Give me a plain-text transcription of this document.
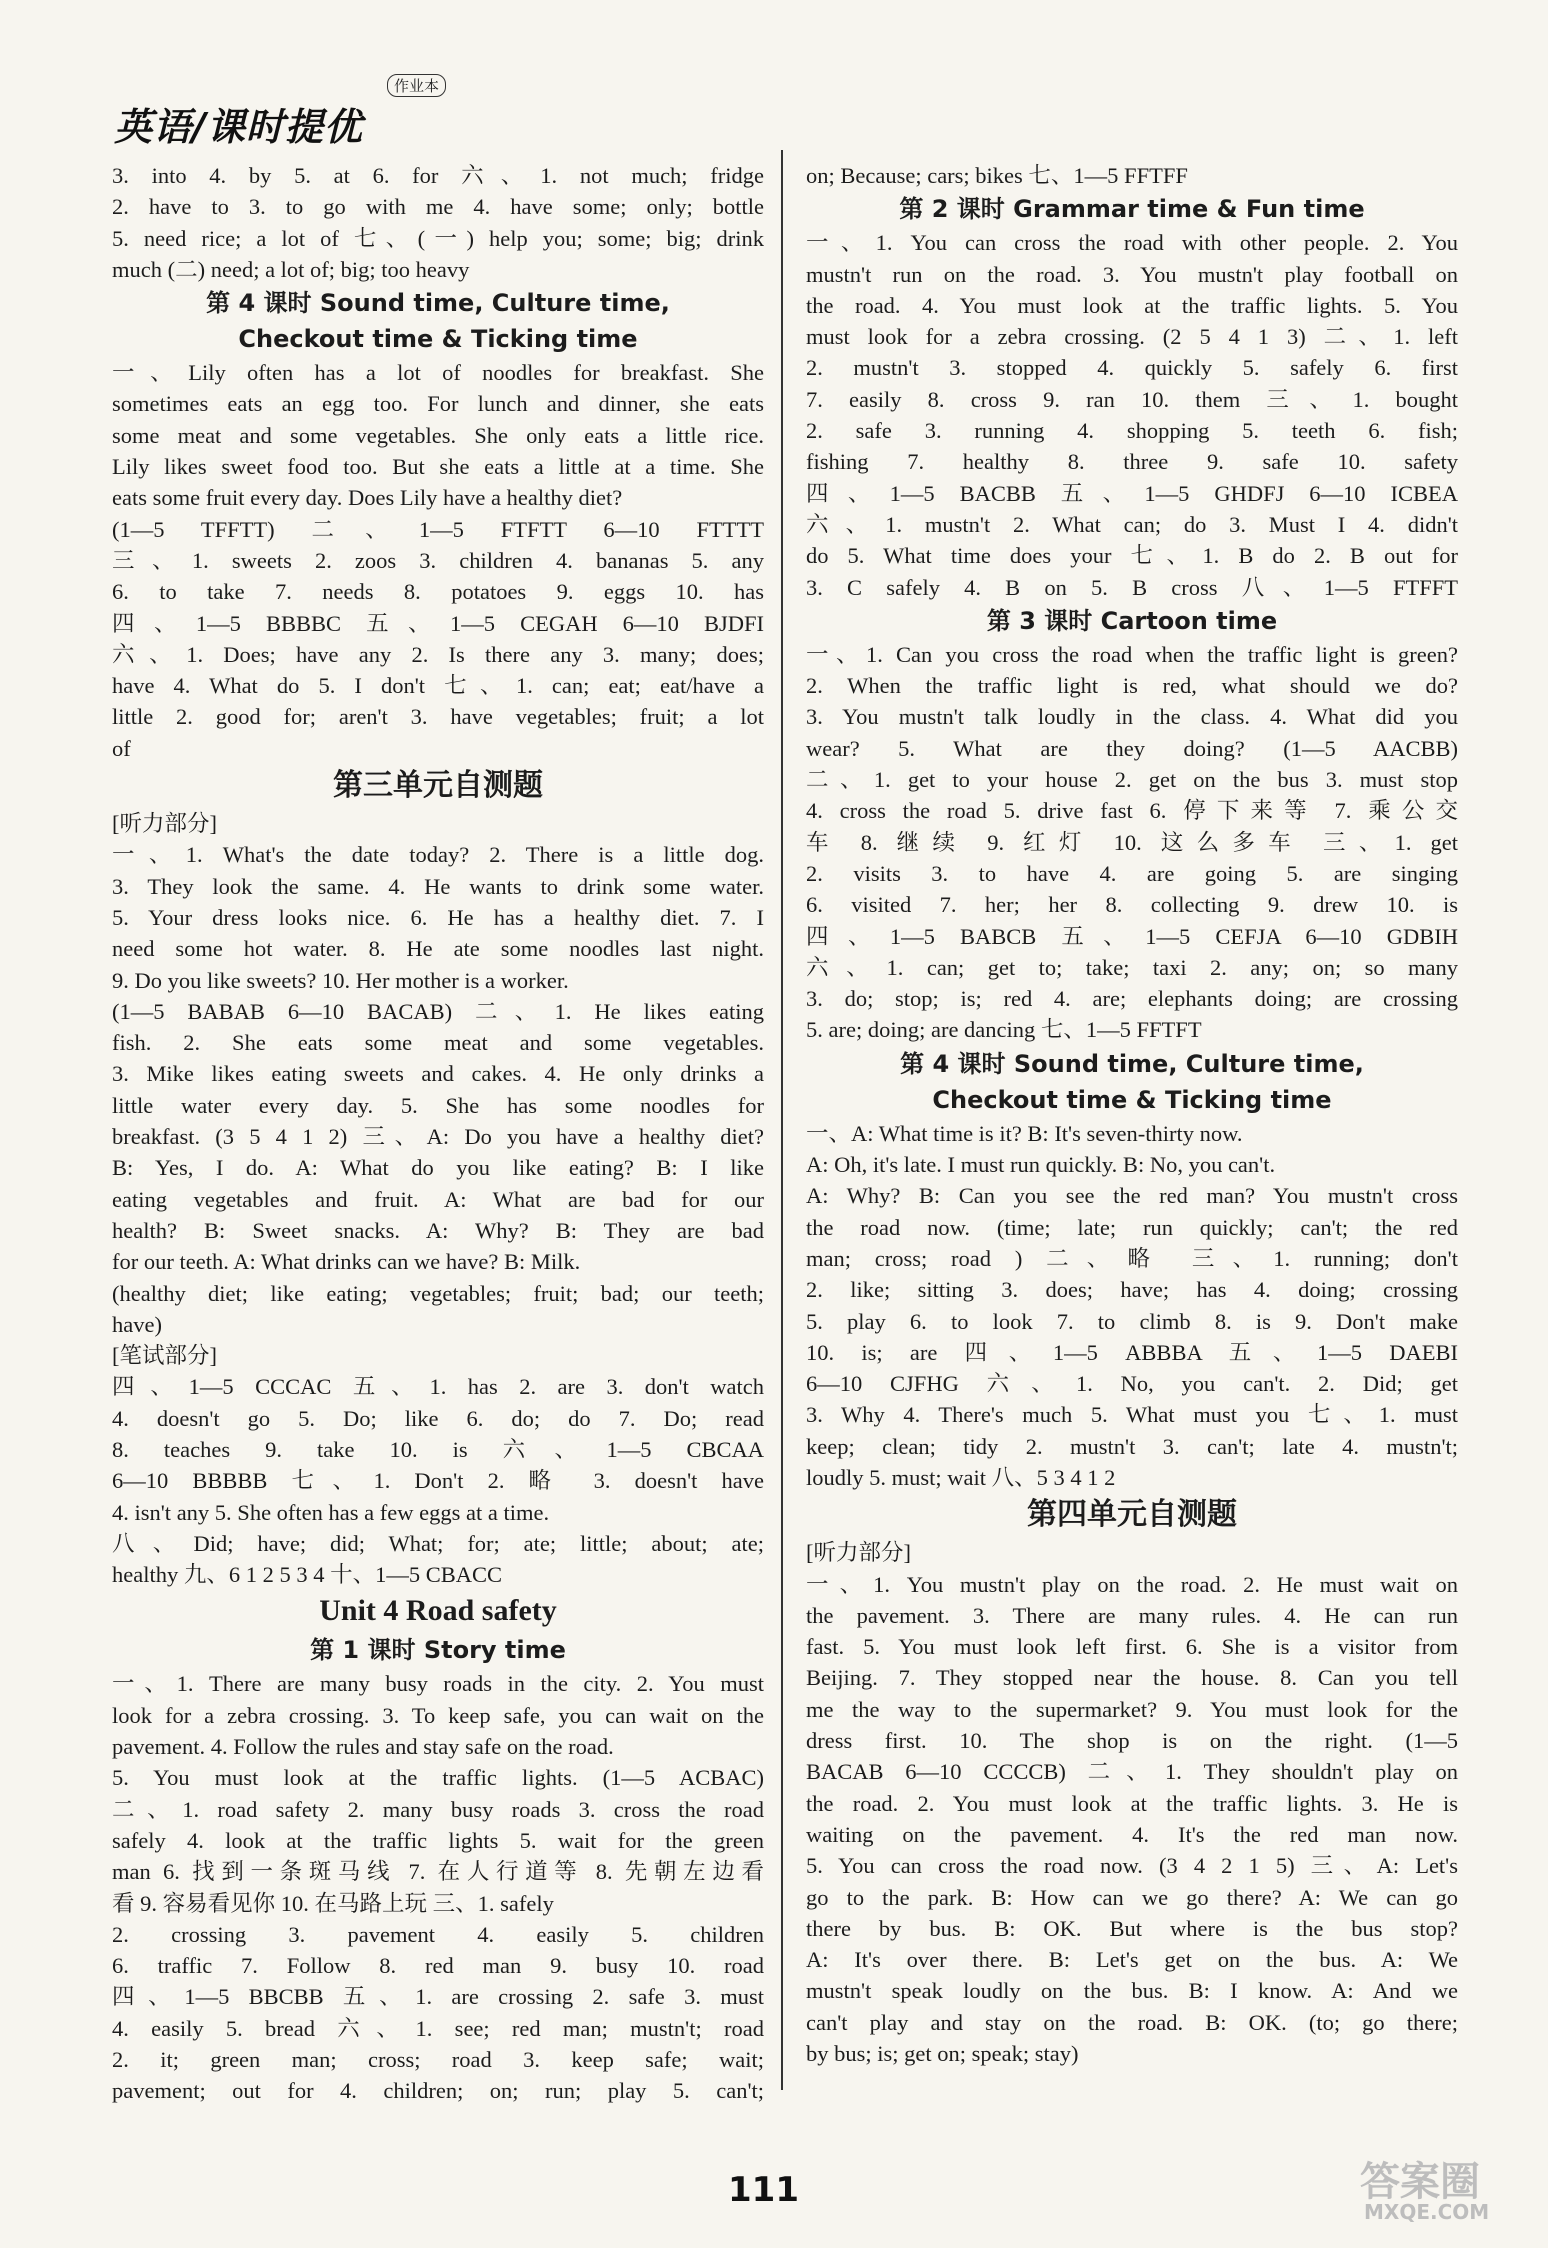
英语/课时提优
作业本
3. into 4. by 5. at 6. for 六、1. not much; fridge
2. have to 3. to go with me 4. have some; only; bottle
5. need rice; a lot of 七、(一) help you; some; big; drink
much (二) need; a lot of; big; too heavy
第 4 课时 Sound time, Culture time,
Checkout time & Ticking time
一、Lily often has a lot of noodles for breakfast. She
sometimes eats an egg too. For lunch and dinner, she eats
some meat and some vegetables. She only eats a little rice.
Lily likes sweet food too. But she eats a little at a time. She
eats some fruit every day. Does Lily have a healthy diet?
(1—5 TFFTT) 二、1—5 FTFTT 6—10 FTTTT
三、1. sweets 2. zoos 3. children 4. bananas 5. any
6. to take 7. needs 8. potatoes 9. eggs 10. has
四、1—5 BBBBC 五、1—5 CEGAH 6—10 BJDFI
六、1. Does; have any 2. Is there any 3. many; does;
have 4. What do 5. I don't 七、1. can; eat; eat/have a
little 2. good for; aren't 3. have vegetables; fruit; a lot
of
第三单元自测题
[听力部分]
一、1. What's the date today? 2. There is a little dog.
3. They look the same. 4. He wants to drink some water.
5. Your dress looks nice. 6. He has a healthy diet. 7. I
need some hot water. 8. He ate some noodles last night.
9. Do you like sweets? 10. Her mother is a worker.
(1—5 BABAB 6—10 BACAB) 二、1. He likes eating
fish. 2. She eats some meat and some vegetables.
3. Mike likes eating sweets and cakes. 4. He only drinks a
little water every day. 5. She has some noodles for
breakfast. (3 5 4 1 2) 三、A: Do you have a healthy diet?
B: Yes, I do. A: What do you like eating? B: I like
eating vegetables and fruit. A: What are bad for our
health? B: Sweet snacks. A: Why? B: They are bad
for our teeth. A: What drinks can we have? B: Milk.
(healthy diet; like eating; vegetables; fruit; bad; our teeth;
have)
[笔试部分]
四、1—5 CCCAC 五、1. has 2. are 3. don't watch
4. doesn't go 5. Do; like 6. do; do 7. Do; read
8. teaches 9. take 10. is 六、1—5 CBCAA
6—10 BBBBB 七、1. Don't 2. 略 3. doesn't have
4. isn't any 5. She often has a few eggs at a time.
八、Did; have; did; What; for; ate; little; about; ate;
healthy 九、6 1 2 5 3 4 十、1—5 CBACC
Unit 4 Road safety
第 1 课时 Story time
一、1. There are many busy roads in the city. 2. You must
look for a zebra crossing. 3. To keep safe, you can wait on the
pavement. 4. Follow the rules and stay safe on the road.
5. You must look at the traffic lights. (1—5 ACBAC)
二、1. road safety 2. many busy roads 3. cross the road
safely 4. look at the traffic lights 5. wait for the green
man 6. 找到一条斑马线 7. 在人行道等 8. 先朝左边看
看 9. 容易看见你 10. 在马路上玩 三、1. safely
2. crossing 3. pavement 4. easily 5. children
6. traffic 7. Follow 8. red man 9. busy 10. road
四、1—5 BBCBB 五、1. are crossing 2. safe 3. must
4. easily 5. bread 六、1. see; red man; mustn't; road
2. it; green man; cross; road 3. keep safe; wait;
pavement; out for 4. children; on; run; play 5. can't;
on; Because; cars; bikes 七、1—5 FFTFF
第 2 课时 Grammar time & Fun time
一、1. You can cross the road with other people. 2. You
mustn't run on the road. 3. You mustn't play football on
the road. 4. You must look at the traffic lights. 5. You
must look for a zebra crossing. (2 5 4 1 3) 二、1. left
2. mustn't 3. stopped 4. quickly 5. safely 6. first
7. easily 8. cross 9. ran 10. them 三、1. bought
2. safe 3. running 4. shopping 5. teeth 6. fish;
fishing 7. healthy 8. three 9. safe 10. safety
四、1—5 BACBB 五、1—5 GHDFJ 6—10 ICBEA
六、1. mustn't 2. What can; do 3. Must I 4. didn't
do 5. What time does your 七、1. B do 2. B out for
3. C safely 4. B on 5. B cross 八、1—5 FTFFT
第 3 课时 Cartoon time
一、1. Can you cross the road when the traffic light is green?
2. When the traffic light is red, what should we do?
3. You mustn't talk loudly in the class. 4. What did you
wear? 5. What are they doing? (1—5 AACBB)
二、1. get to your house 2. get on the bus 3. must stop
4. cross the road 5. drive fast 6. 停下来等 7. 乘公交
车 8. 继续 9. 红灯 10. 这么多车 三、1. get
2. visits 3. to have 4. are going 5. are singing
6. visited 7. her; her 8. collecting 9. drew 10. is
四、1—5 BABCB 五、1—5 CEFJA 6—10 GDBIH
六、1. can; get to; take; taxi 2. any; on; so many
3. do; stop; is; red 4. are; elephants doing; are crossing
5. are; doing; are dancing 七、1—5 FFTFT
第 4 课时 Sound time, Culture time,
Checkout time & Ticking time
一、A: What time is it? B: It's seven-thirty now.
A: Oh, it's late. I must run quickly. B: No, you can't.
A: Why? B: Can you see the red man? You mustn't cross
the road now. (time; late; run quickly; can't; the red
man; cross; road ) 二、略 三、1. running; don't
2. like; sitting 3. does; have; has 4. doing; crossing
5. play 6. to look 7. to climb 8. is 9. Don't make
10. is; are 四、1—5 ABBBA 五、1—5 DAEBI
6—10 CJFHG 六、1. No, you can't. 2. Did; get
3. Why 4. There's much 5. What must you 七、1. must
keep; clean; tidy 2. mustn't 3. can't; late 4. mustn't;
loudly 5. must; wait 八、5 3 4 1 2
第四单元自测题
[听力部分]
一、1. You mustn't play on the road. 2. He must wait on
the pavement. 3. There are many rules. 4. He can run
fast. 5. You must look left first. 6. She is a visitor from
Beijing. 7. They stopped near the house. 8. Can you tell
me the way to the supermarket? 9. You must look for the
dress first. 10. The shop is on the right. (1—5
BACAB 6—10 CCCCB) 二、1. They shouldn't play on
the road. 2. You must look at the traffic lights. 3. He is
waiting on the pavement. 4. It's the red man now.
5. You can cross the road now. (3 4 2 1 5) 三、A: Let's
go to the park. B: How can we go there? A: We can go
there by bus. B: OK. But where is the bus stop?
A: It's over there. B: Let's get on the bus. A: We
mustn't speak loudly on the bus. B: I know. A: And we
can't play and stay on the road. B: OK. (to; go there;
by bus; is; get on; speak; stay)
111	答案圈
MXQE.COM
